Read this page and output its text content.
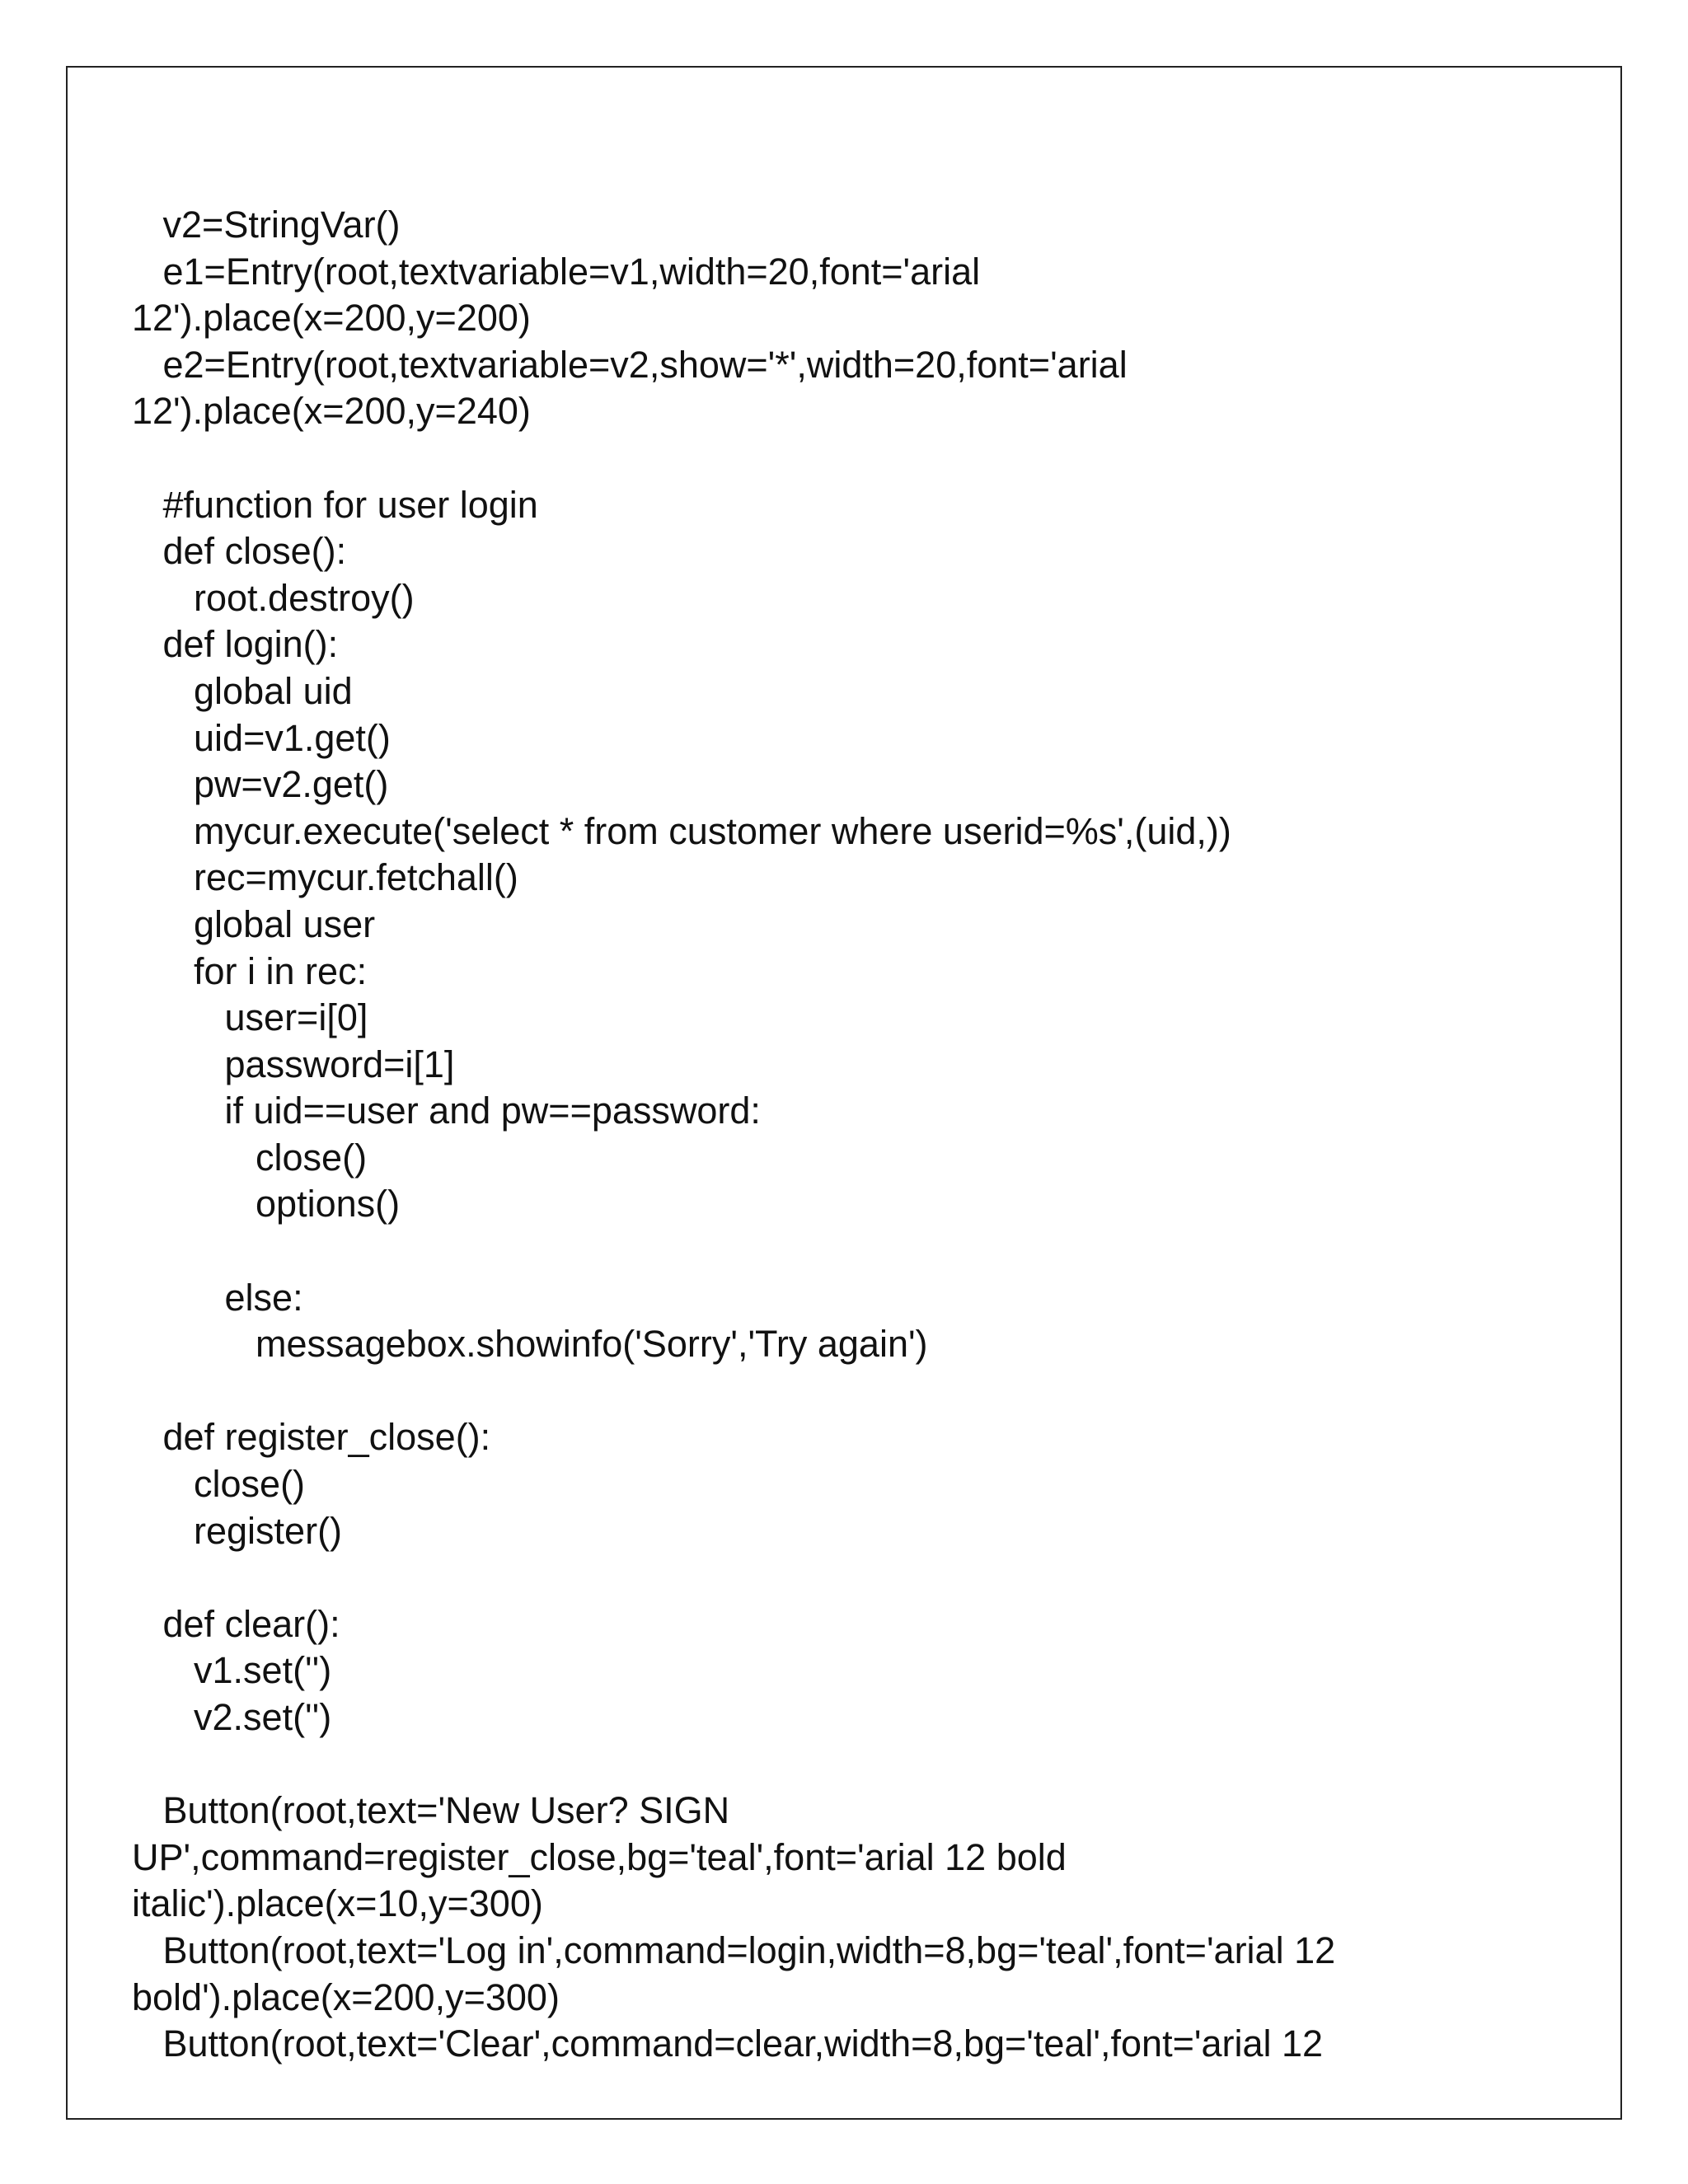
v2=StringVar()
e1=Entry(root,textvariable=v1,width=20,font='arial
12').place(x=200,y=200)
e2=Entry(root,textvariable=v2,show='*',width=20,font='arial
12').place(x=200,y=240)
#function for user login
def close():
root.destroy()
def login():
global uid
uid=v1.get()
pw=v2.get()
mycur.execute('select * from customer where userid=%s',(uid,))
rec=mycur.fetchall()
global user
for i in rec:
user=i[0]
password=i[1]
if uid==user and pw==password:
close()
options()
else:
messagebox.showinfo('Sorry','Try again')
def register_close():
close()
register()
def clear():
v1.set('')
v2.set('')
Button(root,text='New User? SIGN
UP',command=register_close,bg='teal',font='arial 12 bold
italic').place(x=10,y=300)
Button(root,text='Log in',command=login,width=8,bg='teal',font='arial 12
bold').place(x=200,y=300)
Button(root,text='Clear',command=clear,width=8,bg='teal',font='arial 12
